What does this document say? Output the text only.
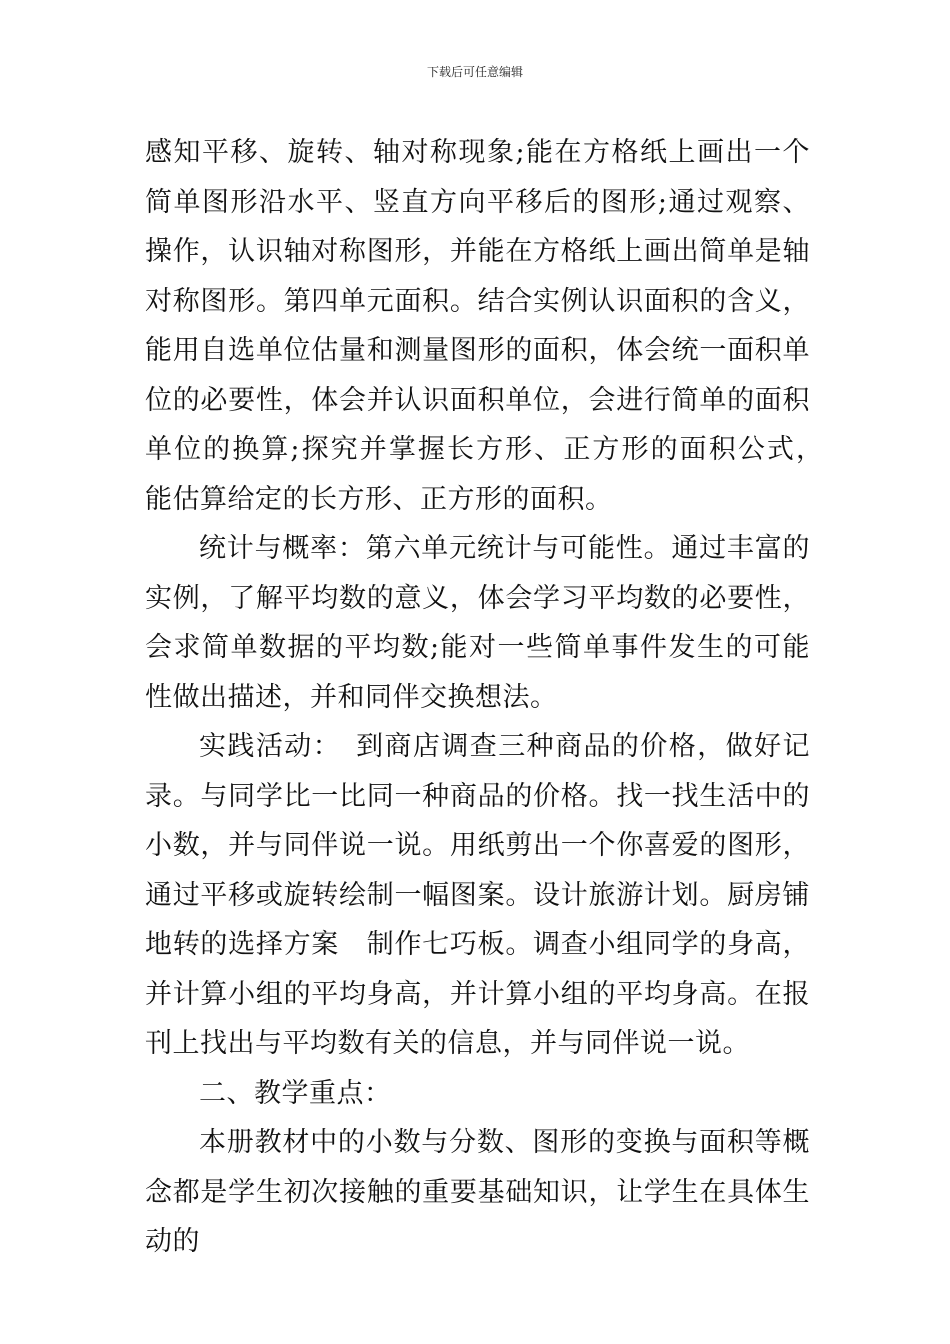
下载后可任意编辑

感知平移、旋转、轴对称现象;能在方格纸上画出一个简单图形沿水平、竖直方向平移后的图形;通过观察、操作，认识轴对称图形，并能在方格纸上画出简单是轴对称图形。第四单元面积。结合实例认识面积的含义，能用自选单位估量和测量图形的面积，体会统一面积单位的必要性，体会并认识面积单位，会进行简单的面积单位的换算;探究并掌握长方形、正方形的面积公式，　能估算给定的长方形、正方形的面积。

统计与概率：第六单元统计与可能性。通过丰富的实例，了解平均数的意义，体会学习平均数的必要性，会求简单数据的平均数;能对一些简单事件发生的可能性做出描述，并和同伴交换想法。

实践活动：　到商店调查三种商品的价格，做好记录。与同学比一比同一种商品的价格。找一找生活中的小数，并与同伴说一说。用纸剪出一个你喜爱的图形，通过平移或旋转绘制一幅图案。设计旅游计划。厨房铺地转的选择方案　制作七巧板。调查小组同学的身高，并计算小组的平均身高，并计算小组的平均身高。在报刊上找出与平均数有关的信息，并与同伴说一说。

二、教学重点：

本册教材中的小数与分数、图形的变换与面积等概念都是学生初次接触的重要基础知识，让学生在具体生动的
